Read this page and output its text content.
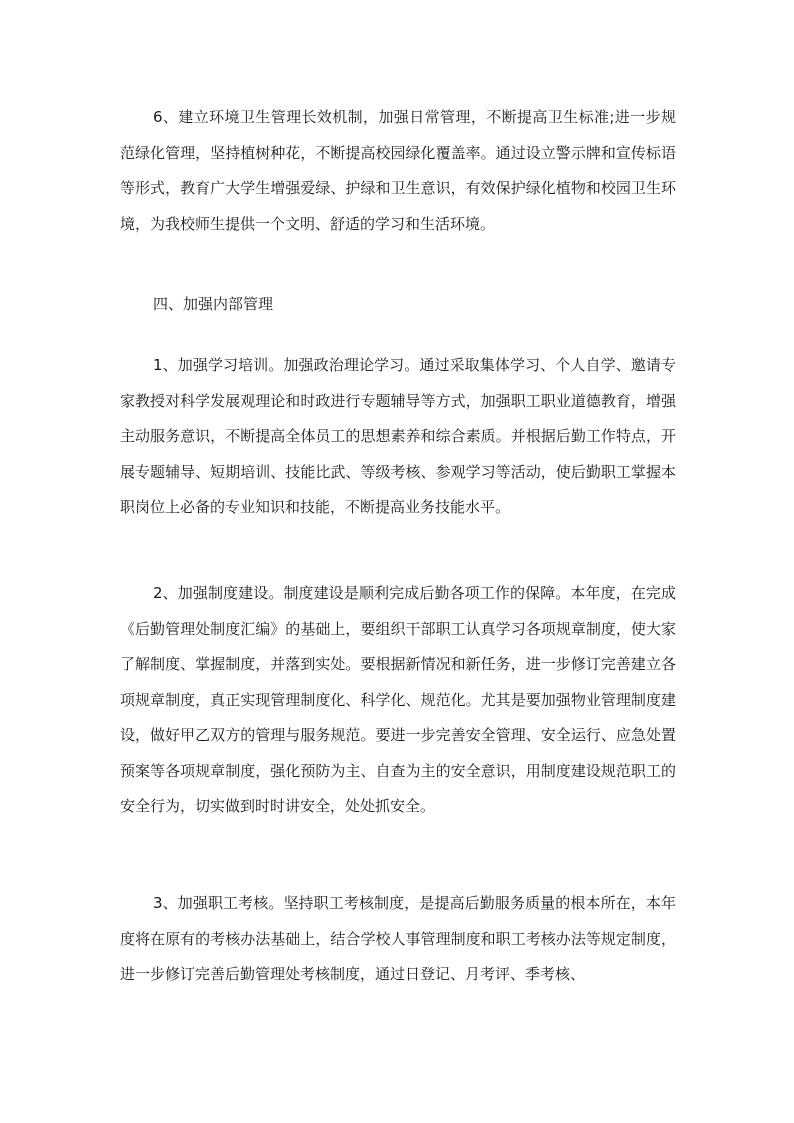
6、建立环境卫生管理长效机制，加强日常管理，不断提高卫生标准;进一步规范绿化管理，坚持植树种花，不断提高校园绿化覆盖率。通过设立警示牌和宣传标语等形式，教育广大学生增强爱绿、护绿和卫生意识，有效保护绿化植物和校园卫生环境，为我校师生提供一个文明、舒适的学习和生活环境。

四、加强内部管理

1、加强学习培训。加强政治理论学习。通过采取集体学习、个人自学、邀请专家教授对科学发展观理论和时政进行专题辅导等方式，加强职工职业道德教育，增强主动服务意识，不断提高全体员工的思想素养和综合素质。并根据后勤工作特点，开展专题辅导、短期培训、技能比武、等级考核、参观学习等活动，使后勤职工掌握本职岗位上必备的专业知识和技能，不断提高业务技能水平。

2、加强制度建设。制度建设是顺利完成后勤各项工作的保障。本年度，在完成《后勤管理处制度汇编》的基础上，要组织干部职工认真学习各项规章制度，使大家了解制度、掌握制度，并落到实处。要根据新情况和新任务，进一步修订完善建立各项规章制度，真正实现管理制度化、科学化、规范化。尤其是要加强物业管理制度建设，做好甲乙双方的管理与服务规范。要进一步完善安全管理、安全运行、应急处置预案等各项规章制度，强化预防为主、自查为主的安全意识，用制度建设规范职工的安全行为，切实做到时时讲安全，处处抓安全。

3、加强职工考核。坚持职工考核制度，是提高后勤服务质量的根本所在，本年度将在原有的考核办法基础上，结合学校人事管理制度和职工考核办法等规定制度，进一步修订完善后勤管理处考核制度，通过日登记、月考评、季考核、
